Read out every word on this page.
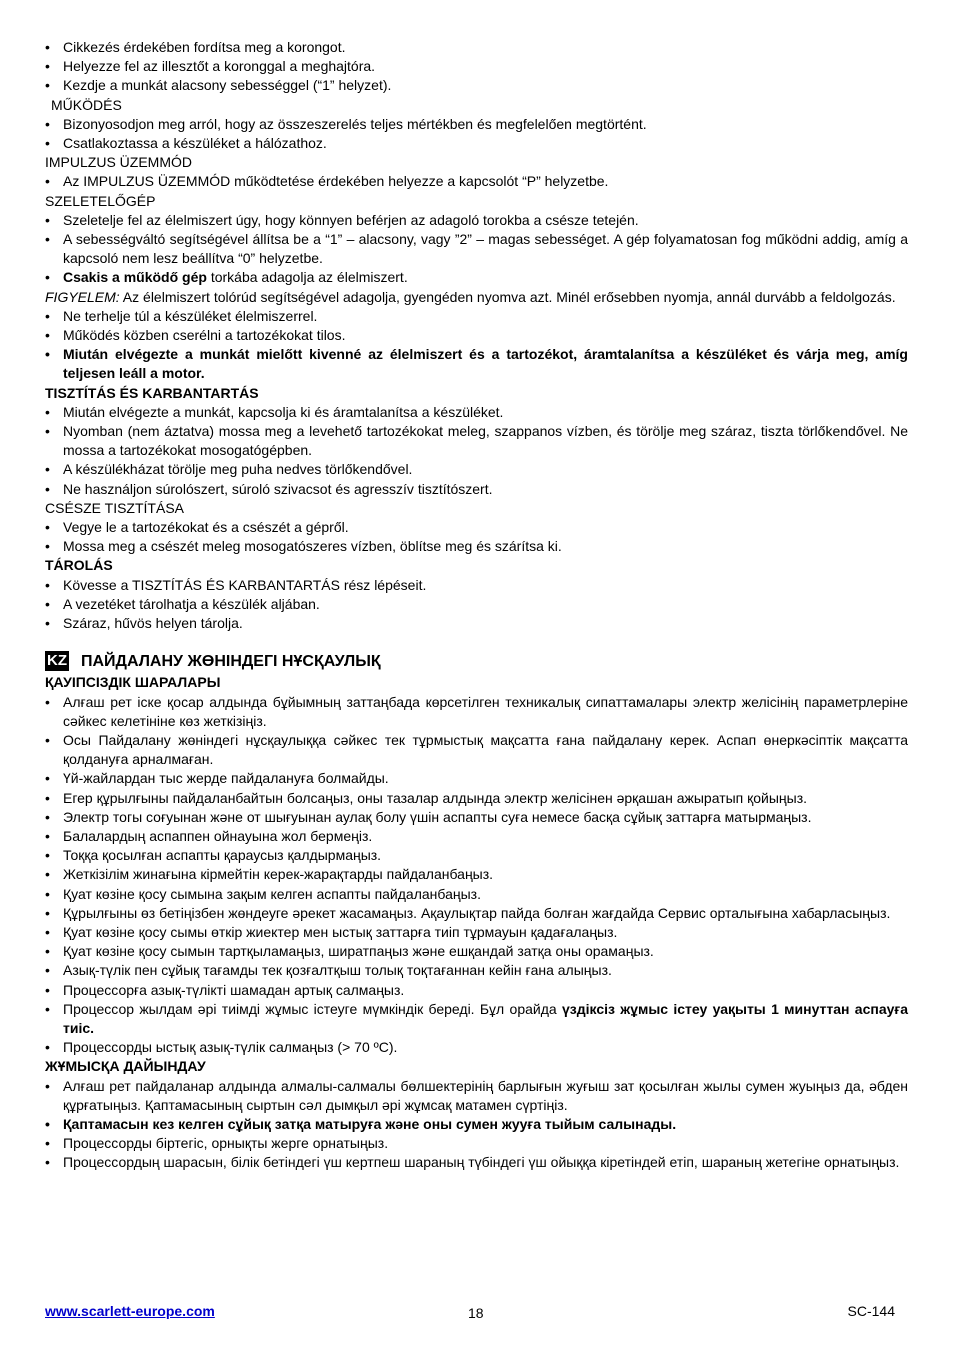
• Cikkezés érdekében fordítsa meg a korongot.
• Helyezze fel az illesztőt a koronggal a meghajtóra.
• Kezdje a munkát alacsony sebességgel (“1” helyzet).
MŰKÖDÉS
• Bizonyosodjon meg arról, hogy az összeszerelés teljes mértékben és megfelelően megtörtént.
• Csatlakoztassa a készüléket a hálózathoz.
IMPULZUS ÜZEMMÓD
• Az IMPULZUS ÜZEMMÓD működtetése érdekében helyezze a kapcsolót “P” helyzetbe.
SZELETELŐGÉP
• Szeletelje fel az élelmiszert úgy, hogy könnyen beférjen az adagoló torokba a csésze tetején.
• A sebességváltó segítségével állítsa be a “1” – alacsony, vagy ”2” – magas sebességet. A gép folyamatosan fog működni addig, amíg a kapcsoló nem lesz beállítva “0” helyzetbe.
• Csakis a működő gép torkába adagolja az élelmiszert.
FIGYELEM: Az élelmiszert tolórúd segítségével adagolja, gyengéden nyomva azt. Minél erősebben nyomja, annál durvább a feldolgozás.
• Ne terhelje túl a készüléket élelmiszerrel.
• Működés közben cserélni a tartozékokat tilos.
• Miután elvégezte a munkát mielőtt kivenné az élelmiszert és a tartozékot, áramtalanítsa a készüléket és várja meg, amíg teljesen leáll a motor.
TISZTÍTÁS ÉS KARBANTARTÁS
• Miután elvégezte a munkát, kapcsolja ki és áramtalanítsa a készüléket.
• Nyomban (nem áztatva) mossa meg a levehető tartozékokat meleg, szappanos vízben, és törölje meg száraz, tiszta törlőkendővel. Ne mossa a tartozékokat mosogatógépben.
• A készülékházat törölje meg puha nedves törlőkendővel.
• Ne használjon súrolószert, súroló szivacsot és agresszív tisztítószert.
CSÉSZE TISZTÍTÁSA
• Vegye le a tartozékokat és a csészét a gépről.
• Mossa meg a csészét meleg mosogatószeres vízben, öblítse meg és szárítsa ki.
TÁROLÁS
• Kövesse a TISZTÍTÁS ÉS KARBANTARTÁS rész lépéseit.
• A vezetéket tárolhatja a készülék aljában.
• Száraz, hűvös helyen tárolja.
KZ ПАЙДАЛАНУ ЖӨНІНДЕГІ НҰСҚАУЛЫҚ
ҚАУІПСІЗДІК ШАРАЛАРЫ
• Алғаш рет іске қосар алдында бұйымның заттаңбада көрсетілген техникалық сипаттамалары электр желісінің параметрлеріне сәйкес келетініне көз жеткізіңіз.
• Осы Пайдалану жөніндегі нұсқаулыққа сәйкес тек тұрмыстық мақсатта ғана пайдалану керек. Аспап өнеркәсіптік мақсатта қолдануға арналмаған.
• Үй-жайлардан тыс жерде пайдалануға болмайды.
• Егер құрылғыны пайдаланбайтын болсаңыз, оны тазалар алдында электр желісінен әрқашан ажыратып қойыңыз.
• Электр тогы соғуынан және от шығуынан аулақ болу үшін аспапты суға немесе басқа сұйық заттарға матырмаңыз.
• Балалардың аспаппен ойнауына жол бермеңіз.
• Тоққа қосылған аспапты қараусыз қалдырмаңыз.
• Жеткізілім жинағына кірмейтін керек-жарақтарды пайдаланбаңыз.
• Қуат көзіне қосу сымына зақым келген аспапты пайдаланбаңыз.
• Құрылғыны өз бетіңізбен жөндеуге әрекет жасамаңыз. Ақаулықтар пайда болған жағдайда Сервис орталығына хабарласыңыз.
• Қуат көзіне қосу сымы өткір жиектер мен ыстық заттарға тиіп тұрмауын қадағалаңыз.
• Қуат көзіне қосу сымын тартқыламаңыз, ширатпаңыз және ешқандай затқа оны орамаңыз.
• Азық-түлік пен сұйық тағамды тек қозғалтқыш толық тоқтағаннан кейін ғана алыңыз.
• Процессорға азық-түлікті шамадан артық салмаңыз.
• Процессор жылдам әрі тиімді жұмыс істеуге мүмкіндік береді. Бұл орайда үздіксіз жұмыс істеу уақыты 1 минуттан аспауға тиіс.
• Процессорды ыстық азық-түлік салмаңыз (> 70 ºС).
ЖҰМЫСҚА ДАЙЫНДАУ
• Алғаш рет пайдаланар алдында алмалы-салмалы бөлшектерінің барлығын жуғыш зат қосылған жылы сумен жуыңыз да, әбден құрғатыңыз. Қаптамасының сыртын сәл дымқыл әрі жұмсақ матамен сүртіңіз.
• Қаптамасын кез келген сұйық затқа матыруға және оны сумен жууға тыйым салынады.
• Процессорды біртегіс, орнықты жерге орнатыңыз.
• Процессордың шарасын, білік бетіндегі үш кертпеш шараның түбіндегі үш ойыққа кіретіндей етіп, шараның жетегіне орнатыңыз.
www.scarlett-europe.com	18	SC-144
